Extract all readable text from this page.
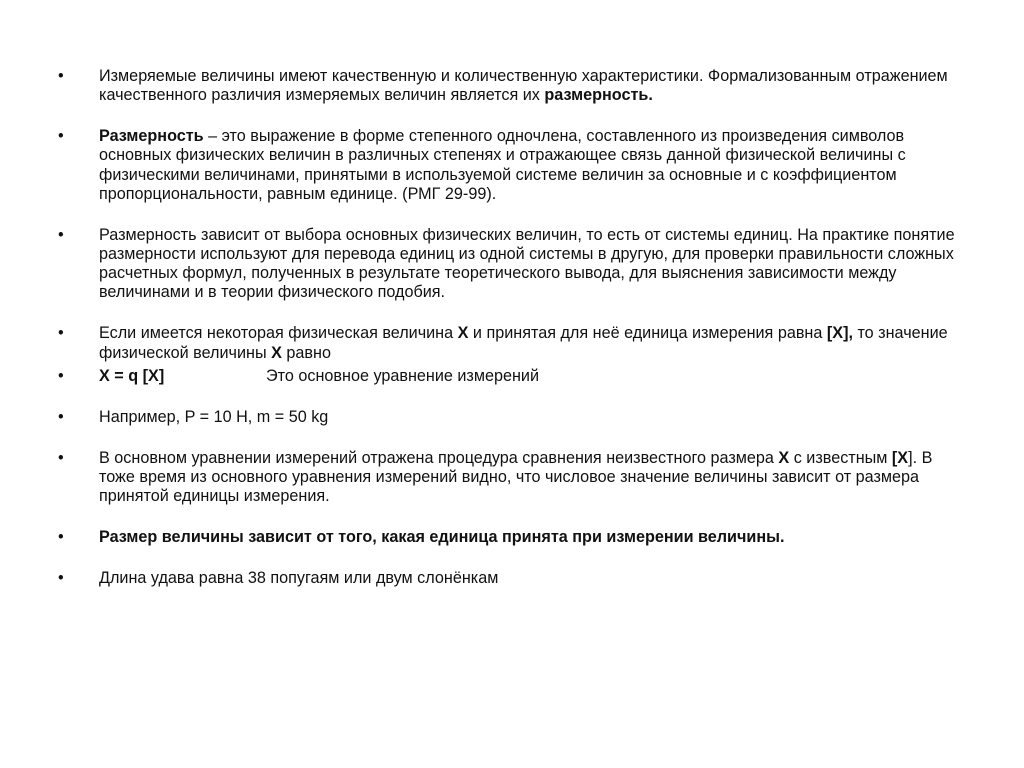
• Измеряемые величины имеют качественную и количественную характеристики. Формализованным отражением качественного различия измеряемых величин является их размерность.
• Размерность – это выражение в форме степенного одночлена, составленного из произведения символов основных физических величин в различных степенях и отражающее связь данной физической величины с физическими величинами, принятыми в используемой системе величин за основные и с коэффициентом пропорциональности, равным единице. (РМГ 29-99).
• Размерность зависит от выбора основных физических величин, то есть от системы единиц. На практике понятие размерности используют для перевода единиц из одной системы в другую, для проверки правильности сложных расчетных формул, полученных в результате теоретического вывода, для выяснения зависимости между величинами и в теории физического подобия.
• Если имеется некоторая физическая величина Х и принятая для неё единица измерения равна [Х], то значение физической величины Х равно
• Х = q [Х]	Это основное уравнение измерений
• Например, P = 10 Н, m = 50 kg
• В основном уравнении измерений отражена процедура сравнения неизвестного размера Х с известным [Х]. В тоже время из основного уравнения измерений видно, что числовое значение величины зависит от размера принятой единицы измерения.
• Размер величины зависит от того, какая единица принята при измерении величины.
• Длина удава равна 38 попугаям или двум слонёнкам
